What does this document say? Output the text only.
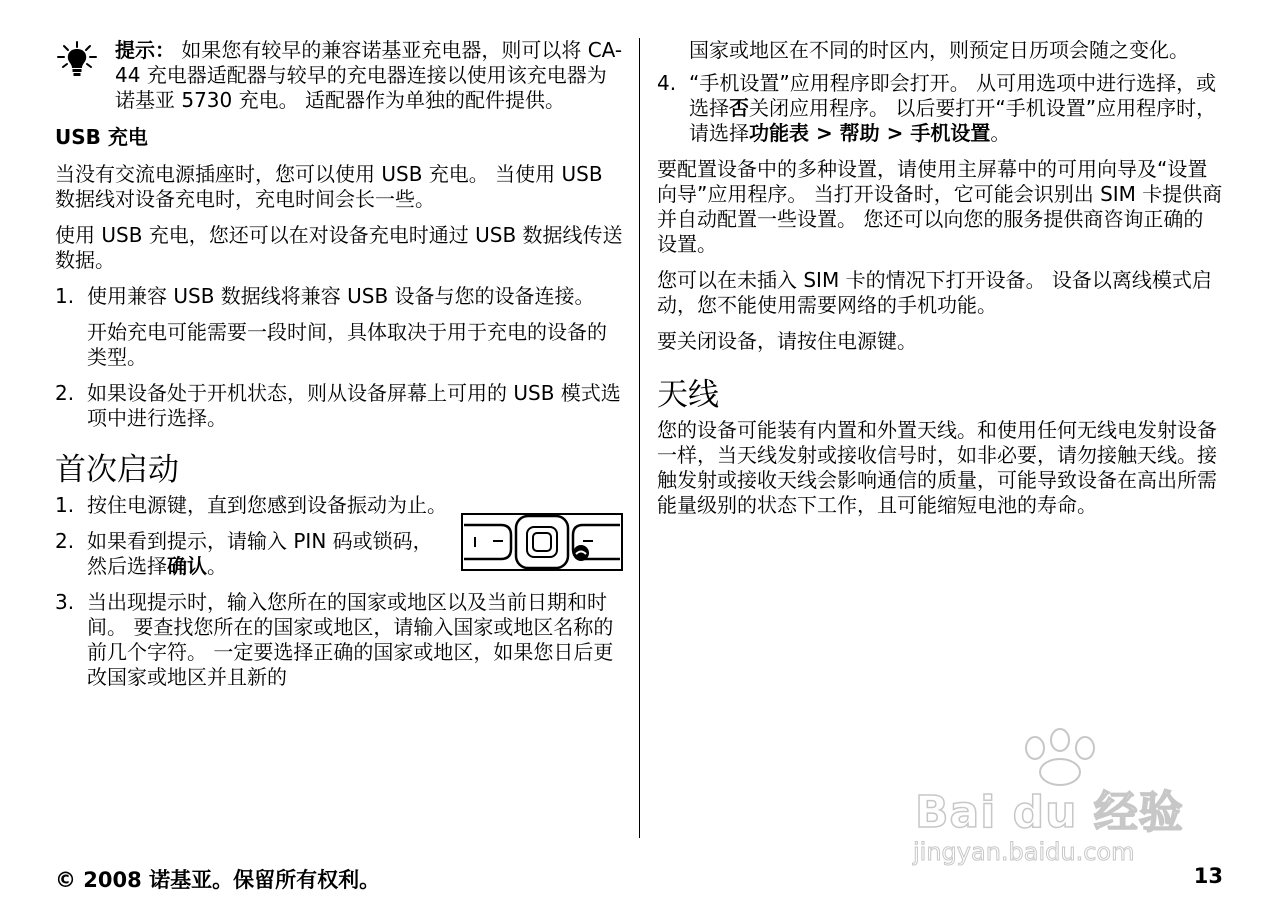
提示： 如果您有较早的兼容诺基亚充电器，则可以将 CA-44 充电器适配器与较早的充电器连接以使用该充电器为诺基亚 5730 充电。 适配器作为单独的配件提供。
USB 充电

当没有交流电源插座时，您可以使用 USB 充电。 当使用 USB 数据线对设备充电时，充电时间会长一些。

使用 USB 充电，您还可以在对设备充电时通过 USB 数据线传送数据。

1. 使用兼容 USB 数据线将兼容 USB 设备与您的设备连接。

开始充电可能需要一段时间，具体取决于用于充电的设备的类型。

2. 如果设备处于开机状态，则从设备屏幕上可用的 USB 模式选项中进行选择。
首次启动
1. 按住电源键，直到您感到设备振动为止。
2. 如果看到提示，请输入 PIN 码或锁码，然后选择确认。
3. 当出现提示时，输入您所在的国家或地区以及当前日期和时间。 要查找您所在的国家或地区，请输入国家或地区名称的前几个字符。 一定要选择正确的国家或地区，如果您日后更改国家或地区并且新的

国家或地区在不同的时区内，则预定日历项会随之变化。

4. “手机设置”应用程序即会打开。 从可用选项中进行选择，或选择否关闭应用程序。 以后要打开“手机设置”应用程序时，请选择功能表 > 帮助 > 手机设置。

要配置设备中的多种设置，请使用主屏幕中的可用向导及“设置向导”应用程序。 当打开设备时，它可能会识别出 SIM 卡提供商并自动配置一些设置。 您还可以向您的服务提供商咨询正确的设置。

您可以在未插入 SIM 卡的情况下打开设备。 设备以离线模式启动，您不能使用需要网络的手机功能。

要关闭设备，请按住电源键。

天线

您的设备可能装有内置和外置天线。和使用任何无线电发射设备一样，当天线发射或接收信号时，如非必要，请勿接触天线。接触发射或接收天线会影响通信的质量，可能导致设备在高出所需能量级别的状态下工作，且可能缩短电池的寿命。

Bai du 经验
jingyan.baidu.com
© 2008 诺基亚。保留所有权利。	13
